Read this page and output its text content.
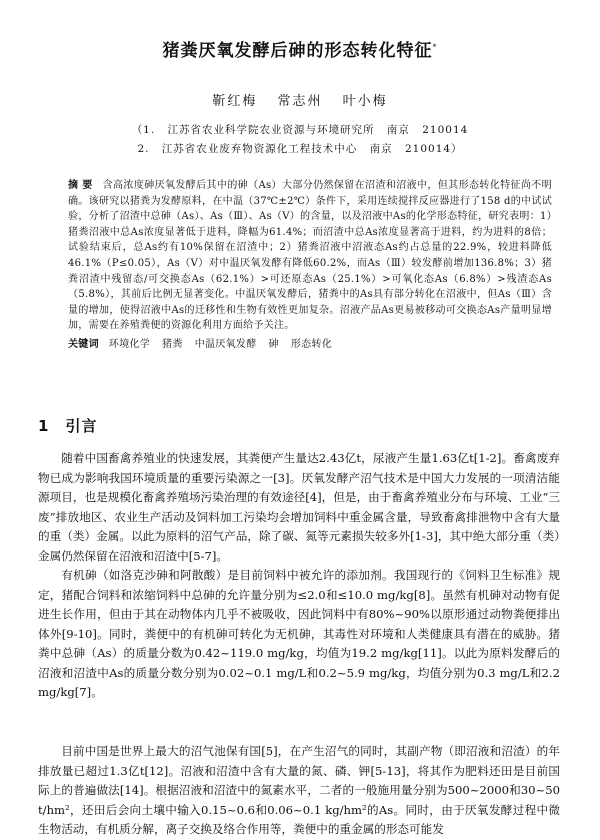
猪粪厌氧发酵后砷的形态转化特征*
靳红梅 常志州 叶小梅
（1. 江苏省农业科学院农业资源与环境研究所 南京 210014
2. 江苏省农业废弃物资源化工程技术中心 南京 210014）
摘 要 含高浓度砷厌氧发酵后其中的砷（As）大部分仍然保留在沼渣和沼液中，但其形态转化特征尚不明确。该研究以猪粪为发酵原料，在中温（37℃±2℃）条件下，采用连续搅拌反应器进行了158 d的中试试验，分析了沼渣中总砷（As）、As（Ⅲ）、As（Ⅴ）的含量，以及沼液中As的化学形态特征，研究表明：1）猪粪沼液中总As浓度显著低于进料，降幅为61.4%；而沼渣中总As浓度显著高于进料，约为进料的8倍；试验结束后，总As约有10%保留在沼渣中；2）猪粪沼液中沼液态As约占总量的22.9%，较进料降低46.1%（P≤0.05），As（Ⅴ）对中温厌氧发酵有降低60.2%，而As（Ⅲ）较发酵前增加136.8%；3）猪粪沼渣中残留态/可交换态As（62.1%）>可还原态As（25.1%）>可氧化态As（6.8%）>残渣态As（5.8%），其前后比例无显著变化。中温厌氧发酵后，猪粪中的As具有部分转化在沼液中，但As（Ⅲ）含量的增加，使得沼液中As的迁移性和生物有效性更加复杂。沼液产品As更易被移动可交换态As产量明显增加，需要在养殖粪便的资源化利用方面给予关注。
关键词 环境化学 猪粪 中温厌氧发酵 砷 形态转化
1 引言

随着中国畜禽养殖业的快速发展，其粪便产生量达2.43亿t，尿液产生量1.63亿t[1-2]。畜禽废弃物已成为影响我国环境质量的重要污染源之一[3]。厌氧发酵产沼气技术是中国大力发展的一项清洁能源项目，也是规模化畜禽养殖场污染治理的有效途径[4]，但是，由于畜禽养殖业分布与环境、工业“三废”排放地区、农业生产活动及饲料加工污染均会增加饲料中重金属含量，导致畜禽排泄物中含有大量的重（类）金属。以此为原料的沼气产品，除了碳、氮等元素损失较多外[1-3]，其中绝大部分重（类）金属仍然保留在沼液和沼渣中[5-7]。

有机砷（如洛克沙砷和阿散酸）是目前饲料中被允许的添加剂。我国现行的《饲料卫生标准》规定，猪配合饲料和浓缩饲料中总砷的允许量分别为≤2.0和≤10.0 mg/kg[8]。虽然有机砷对动物有促进生长作用，但由于其在动物体内几乎不被吸收，因此饲料中有80%~90%以原形通过动物粪便排出体外[9-10]。同时，粪便中的有机砷可转化为无机砷，其毒性对环境和人类健康具有潜在的威胁。猪粪中总砷（As）的质量分数为0.42~119.0 mg/kg，均值为19.2 mg/kg[11]。以此为原料发酵后的沼液和沼渣中As的质量分数分别为0.02~0.1 mg/L和0.2~5.9 mg/kg，均值分别为0.3 mg/L和2.2 mg/kg[7]。

目前中国是世界上最大的沼气池保有国[5]，在产生沼气的同时，其副产物（即沼液和沼渣）的年排放量已超过1.3亿t[12]。沼液和沼渣中含有大量的氮、磷、钾[5-13]，将其作为肥料还田是目前国际上的普遍做法[14]。根据沼液和沼渣中的氮素水平，二者的一般施用量分别为500~2000和30~50 t/hm²，还田后会向土壤中输入0.15~0.6和0.06~0.1 kg/hm²的As。同时，由于厌氧发酵过程中微生物活动，有机质分解，离子交换及络合作用等，粪便中的重金属的形态可能发
